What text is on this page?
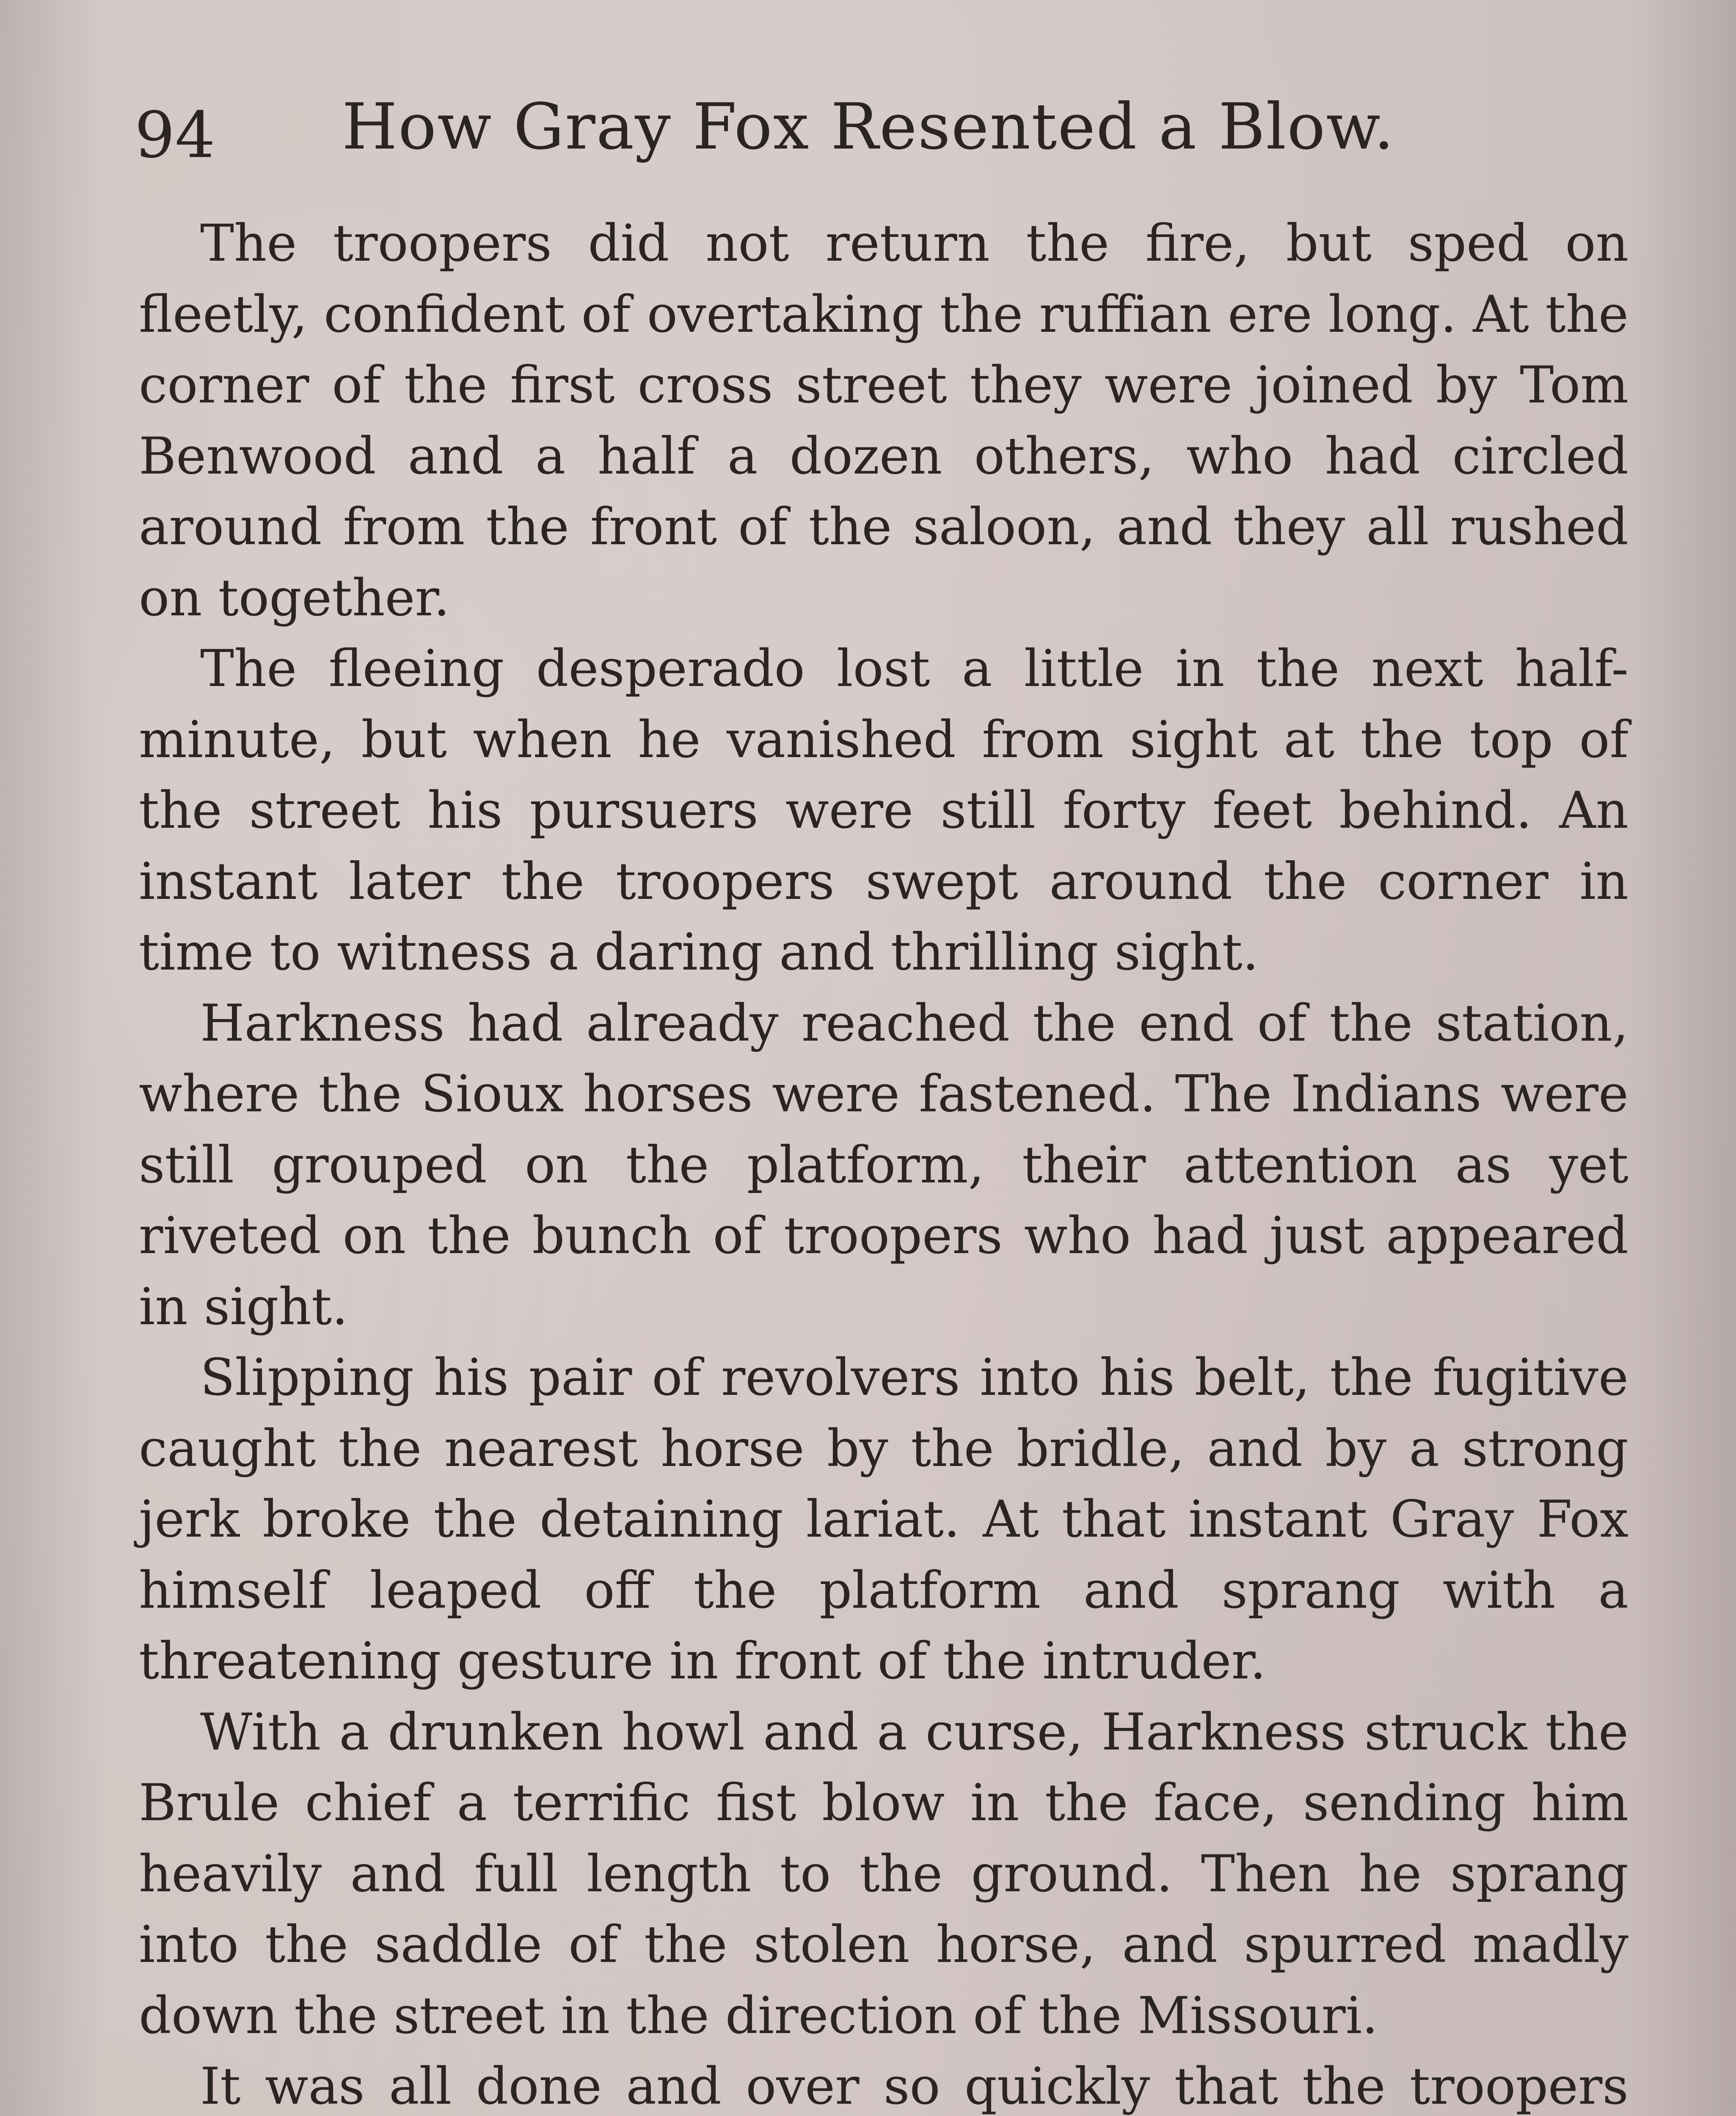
94 How Gray Fox Resented a Blow.

The troopers did not return the fire, but sped on fleetly, confident of overtaking the ruffian ere long. At the corner of the first cross street they were joined by Tom Benwood and a half a dozen others, who had circled around from the front of the saloon, and they all rushed on together.

The fleeing desperado lost a little in the next half-minute, but when he vanished from sight at the top of the street his pursuers were still forty feet behind. An instant later the troopers swept around the corner in time to witness a daring and thrilling sight.

Harkness had already reached the end of the station, where the Sioux horses were fastened. The Indians were still grouped on the platform, their attention as yet riveted on the bunch of troopers who had just appeared in sight.

Slipping his pair of revolvers into his belt, the fugitive caught the nearest horse by the bridle, and by a strong jerk broke the detaining lariat. At that instant Gray Fox himself leaped off the platform and sprang with a threatening gesture in front of the intruder.

With a drunken howl and a curse, Harkness struck the Brule chief a terrific fist blow in the face, sending him heavily and full length to the ground. Then he sprang into the saddle of the stolen horse, and spurred madly down the street in the direction of the Missouri.

It was all done and over so quickly that the troopers
